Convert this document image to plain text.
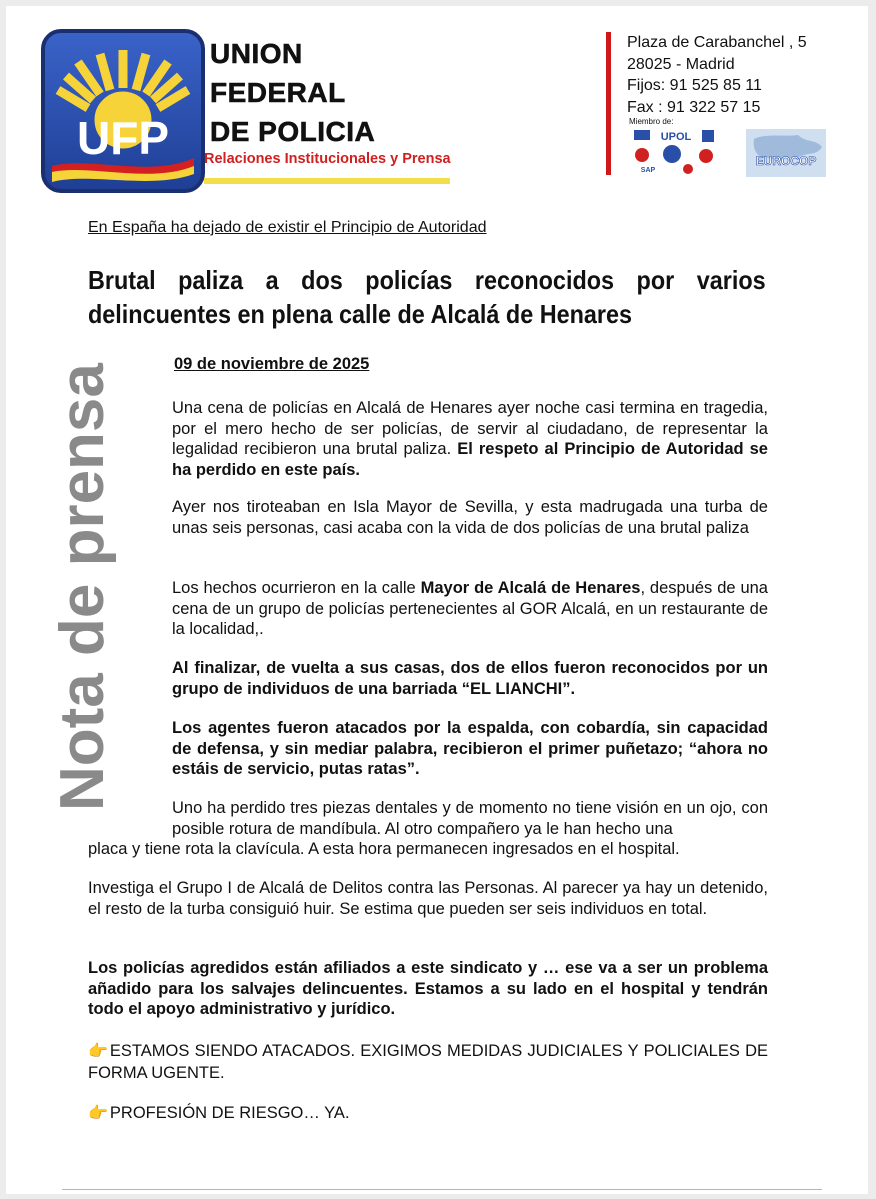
UFP
UNION
FEDERAL
DE POLICIA
Relaciones Institucionales y Prensa
Plaza de Carabanchel , 5
28025 - Madrid
Fijos: 91 525 85 11
Fax : 91 322 57 15
Miembro de:
UPOL
SAP
EUROCOP
En España ha dejado de existir el Principio de Autoridad
Brutal paliza a dos policías reconocidos por varios delincuentes en plena calle de Alcalá de Henares
09 de noviembre de 2025
Nota de prensa	Una cena de policías en Alcalá de Henares ayer noche casi termina en tragedia, por el mero hecho de ser policías, de servir al ciudadano, de representar la legalidad recibieron una brutal paliza. El respeto al Principio de Autoridad se ha perdido en este país.
Ayer nos tiroteaban en Isla Mayor de Sevilla, y esta madrugada una turba de unas seis personas, casi acaba con la vida de dos policías de una brutal paliza
Los hechos ocurrieron en la calle Mayor de Alcalá de Henares, después de una cena de un grupo de policías pertenecientes al GOR Alcalá, en un restaurante de la localidad,.
Al finalizar, de vuelta a sus casas, dos de ellos fueron reconocidos por un grupo de individuos de una barriada “EL LIANCHI”.
Los agentes fueron atacados por la espalda, con cobardía, sin capacidad de defensa, y sin mediar palabra, recibieron el primer puñetazo; “ahora no estáis de servicio, putas ratas”.
Uno ha perdido tres piezas dentales y de momento no tiene visión en un ojo, con posible rotura de mandíbula. Al otro compañero ya le han hecho una
placa y tiene rota la clavícula. A esta hora permanecen ingresados en el hospital.
Investiga el Grupo I de Alcalá de Delitos contra las Personas. Al parecer ya hay un detenido, el resto de la turba consiguió huir. Se estima que pueden ser seis individuos en total.
Los policías agredidos están afiliados a este sindicato y … ese va a ser un problema añadido para los salvajes delincuentes. Estamos a su lado en el hospital y tendrán todo el apoyo administrativo y jurídico.
👉 ESTAMOS SIENDO ATACADOS. EXIGIMOS MEDIDAS JUDICIALES Y POLICIALES DE FORMA UGENTE.
👉 PROFESIÓN DE RIESGO… YA.
